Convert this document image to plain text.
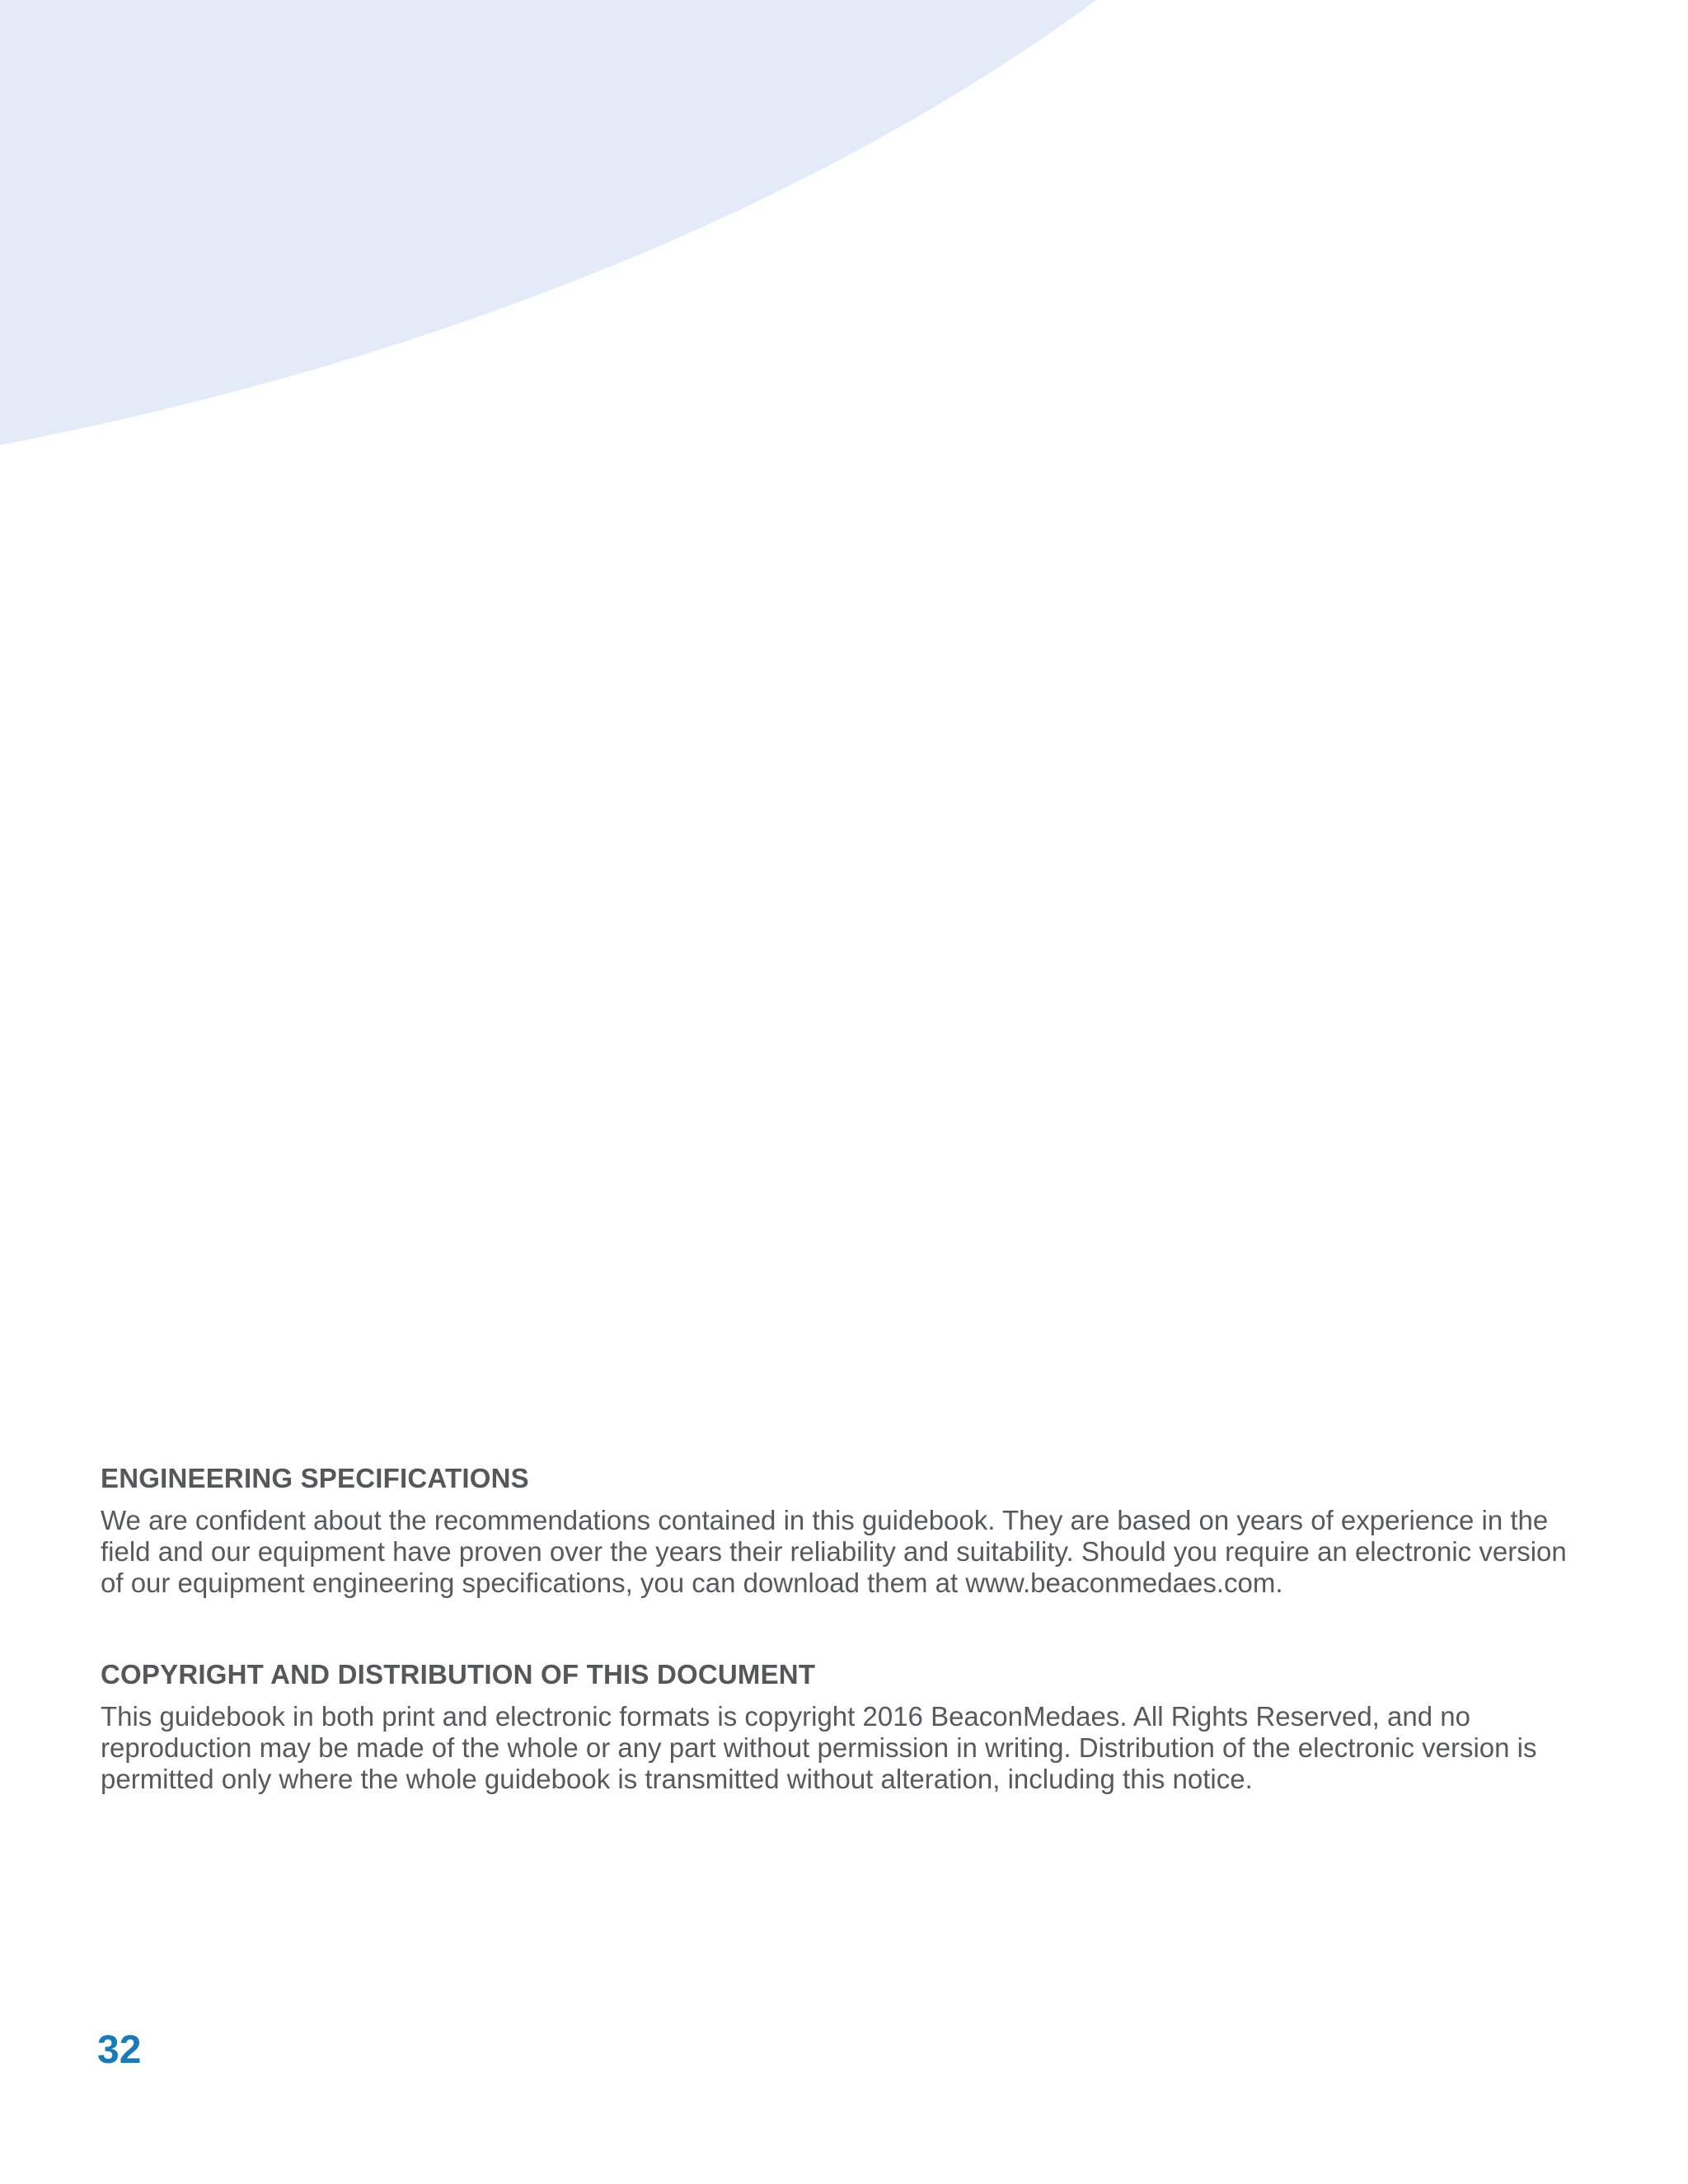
ENGINEERING SPECIFICATIONS

We are confident about the recommendations contained in this guidebook. They are based on years of experience in the field and our equipment have proven over the years their reliability and suitability. Should you require an electronic version of our equipment engineering specifications, you can download them at www.beaconmedaes.com.

COPYRIGHT AND DISTRIBUTION OF THIS DOCUMENT

This guidebook in both print and electronic formats is copyright 2016 BeaconMedaes. All Rights Reserved, and no reproduction may be made of the whole or any part without permission in writing. Distribution of the electronic version is permitted only where the whole guidebook is transmitted without alteration, including this notice.

32
